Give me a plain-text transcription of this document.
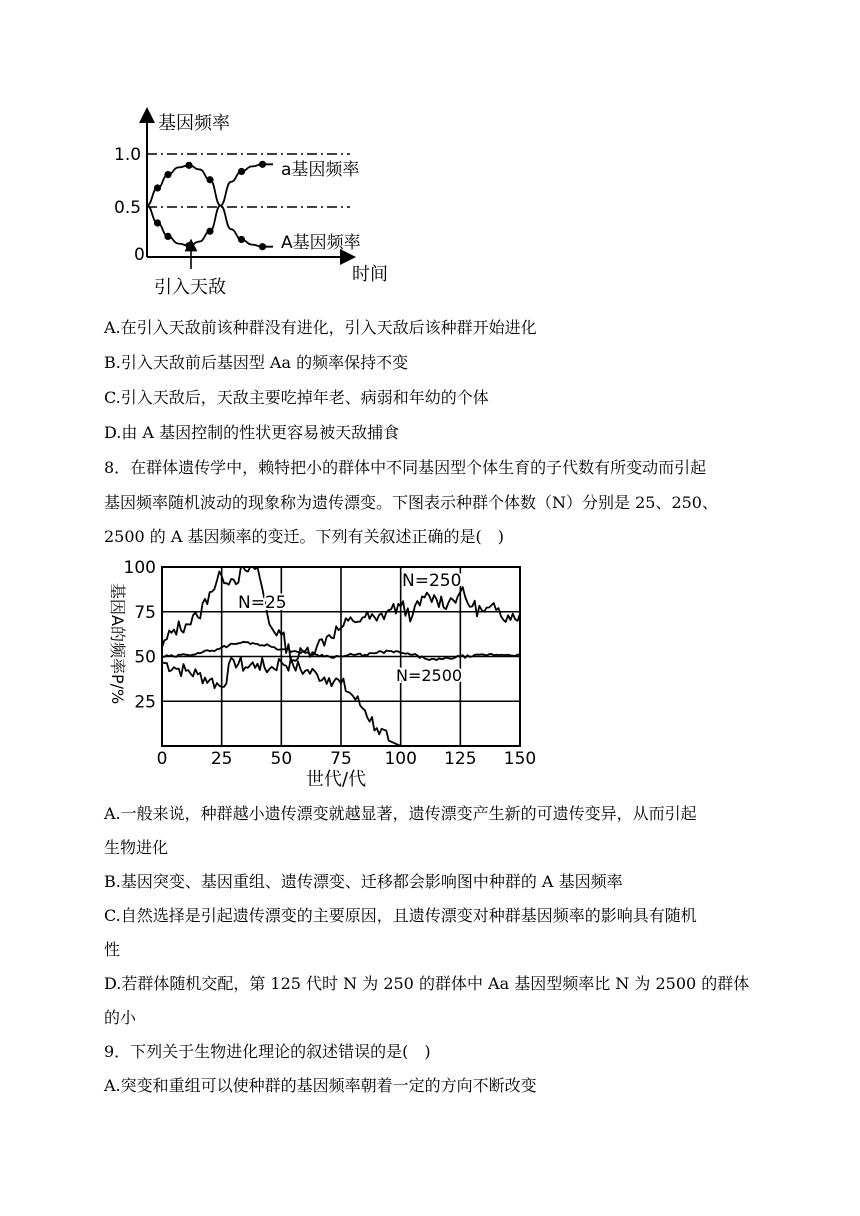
基因频率
时间
1.0
0.5
0
引入天敌
a基因频率
A基因频率
A.在引入天敌前该种群没有进化，引入天敌后该种群开始进化
B.引入天敌前后基因型 Aa 的频率保持不变
C.引入天敌后，天敌主要吃掉年老、病弱和年幼的个体
D.由 A 基因控制的性状更容易被天敌捕食
8．在群体遗传学中，赖特把小的群体中不同基因型个体生育的子代数有所变动而引起
基因频率随机波动的现象称为遗传漂变。下图表示种群个体数（N）分别是 25、250、
2500 的 A 基因频率的变迁。下列有关叙述正确的是(　)
基因A的频率P/%
100
75
50
25
0	25 50 75 100 125 150
N=25
N=250
N=2500
世代/代
A.一般来说，种群越小遗传漂变就越显著，遗传漂变产生新的可遗传变异，从而引起
生物进化
B.基因突变、基因重组、遗传漂变、迁移都会影响图中种群的 A 基因频率
C.自然选择是引起遗传漂变的主要原因，且遗传漂变对种群基因频率的影响具有随机
性
D.若群体随机交配，第 125 代时 N 为 250 的群体中 Aa 基因型频率比 N 为 2500 的群体
的小
9．下列关于生物进化理论的叙述错误的是(　)
A.突变和重组可以使种群的基因频率朝着一定的方向不断改变
